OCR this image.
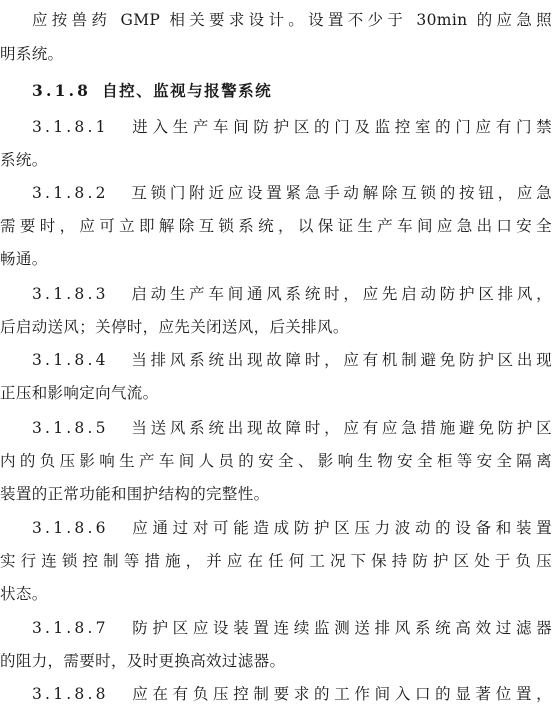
应按兽药 GMP 相关要求设计。设置不少于 30min 的应急照
明系统。
3.1.8 自控、监视与报警系统
3.1.8.1 进入生产车间防护区的门及监控室的门应有门禁
系统。
3.1.8.2 互锁门附近应设置紧急手动解除互锁的按钮，应急
需要时，应可立即解除互锁系统，以保证生产车间应急出口安全
畅通。
3.1.8.3 启动生产车间通风系统时，应先启动防护区排风，
后启动送风；关停时，应先关闭送风，后关排风。
3.1.8.4 当排风系统出现故障时，应有机制避免防护区出现
正压和影响定向气流。
3.1.8.5 当送风系统出现故障时，应有应急措施避免防护区
内的负压影响生产车间人员的安全、影响生物安全柜等安全隔离
装置的正常功能和围护结构的完整性。
3.1.8.6 应通过对可能造成防护区压力波动的设备和装置
实行连锁控制等措施，并应在任何工况下保持防护区处于负压
状态。
3.1.8.7 防护区应设装置连续监测送排风系统高效过滤器
的阻力，需要时，及时更换高效过滤器。
3.1.8.8 应在有负压控制要求的工作间入口的显著位置，
